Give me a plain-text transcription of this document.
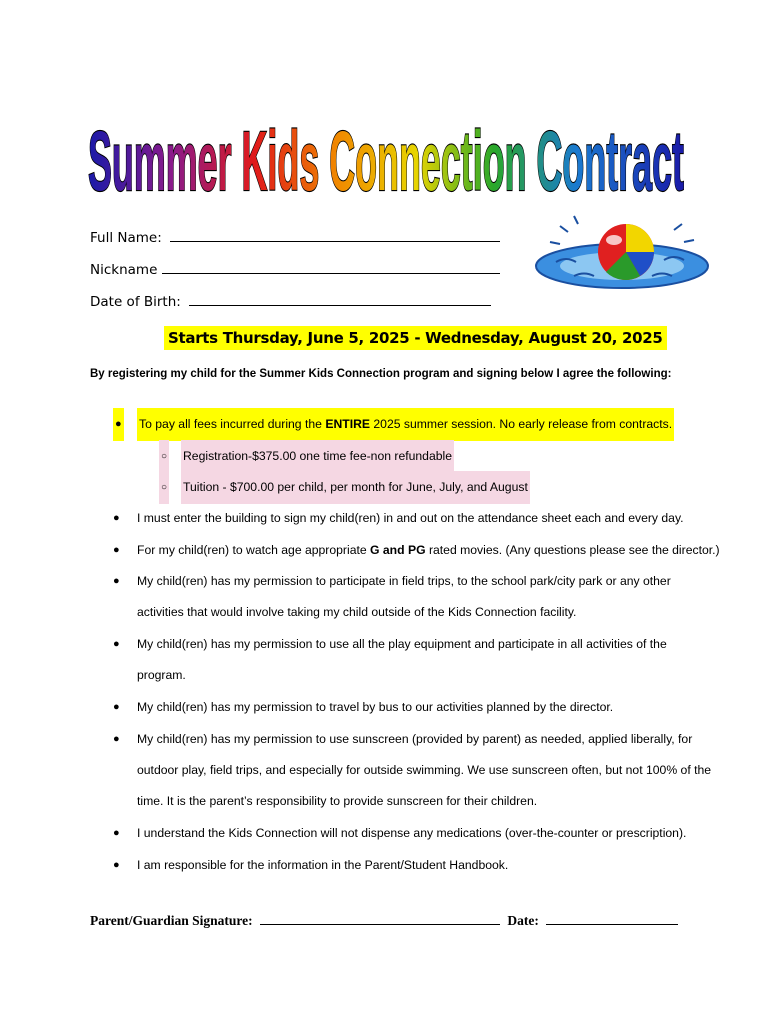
Summer Kids Connection Contract
Full Name:
Nickname
Date of Birth:
Starts Thursday, June 5, 2025 - Wednesday, August 20, 2025
By registering my child for the Summer Kids Connection program and signing below I agree the following:
● To pay all fees incurred during the ENTIRE 2025 summer session. No early release from contracts.
○ Registration-$375.00 one time fee-non refundable
○ Tuition - $700.00 per child, per month for June, July, and August
● I must enter the building to sign my child(ren) in and out on the attendance sheet each and every day.
● For my child(ren) to watch age appropriate G and PG rated movies. (Any questions please see the director.)
● My child(ren) has my permission to participate in field trips, to the school park/city park or any other
activities that would involve taking my child outside of the Kids Connection facility.
● My child(ren) has my permission to use all the play equipment and participate in all activities of the
program.
● My child(ren) has my permission to travel by bus to our activities planned by the director.
● My child(ren) has my permission to use sunscreen (provided by parent) as needed, applied liberally, for
outdoor play, field trips, and especially for outside swimming. We use sunscreen often, but not 100% of the
time. It is the parent’s responsibility to provide sunscreen for their children.
● I understand the Kids Connection will not dispense any medications (over-the-counter or prescription).
● I am responsible for the information in the Parent/Student Handbook.
Parent/Guardian Signature:	Date:
